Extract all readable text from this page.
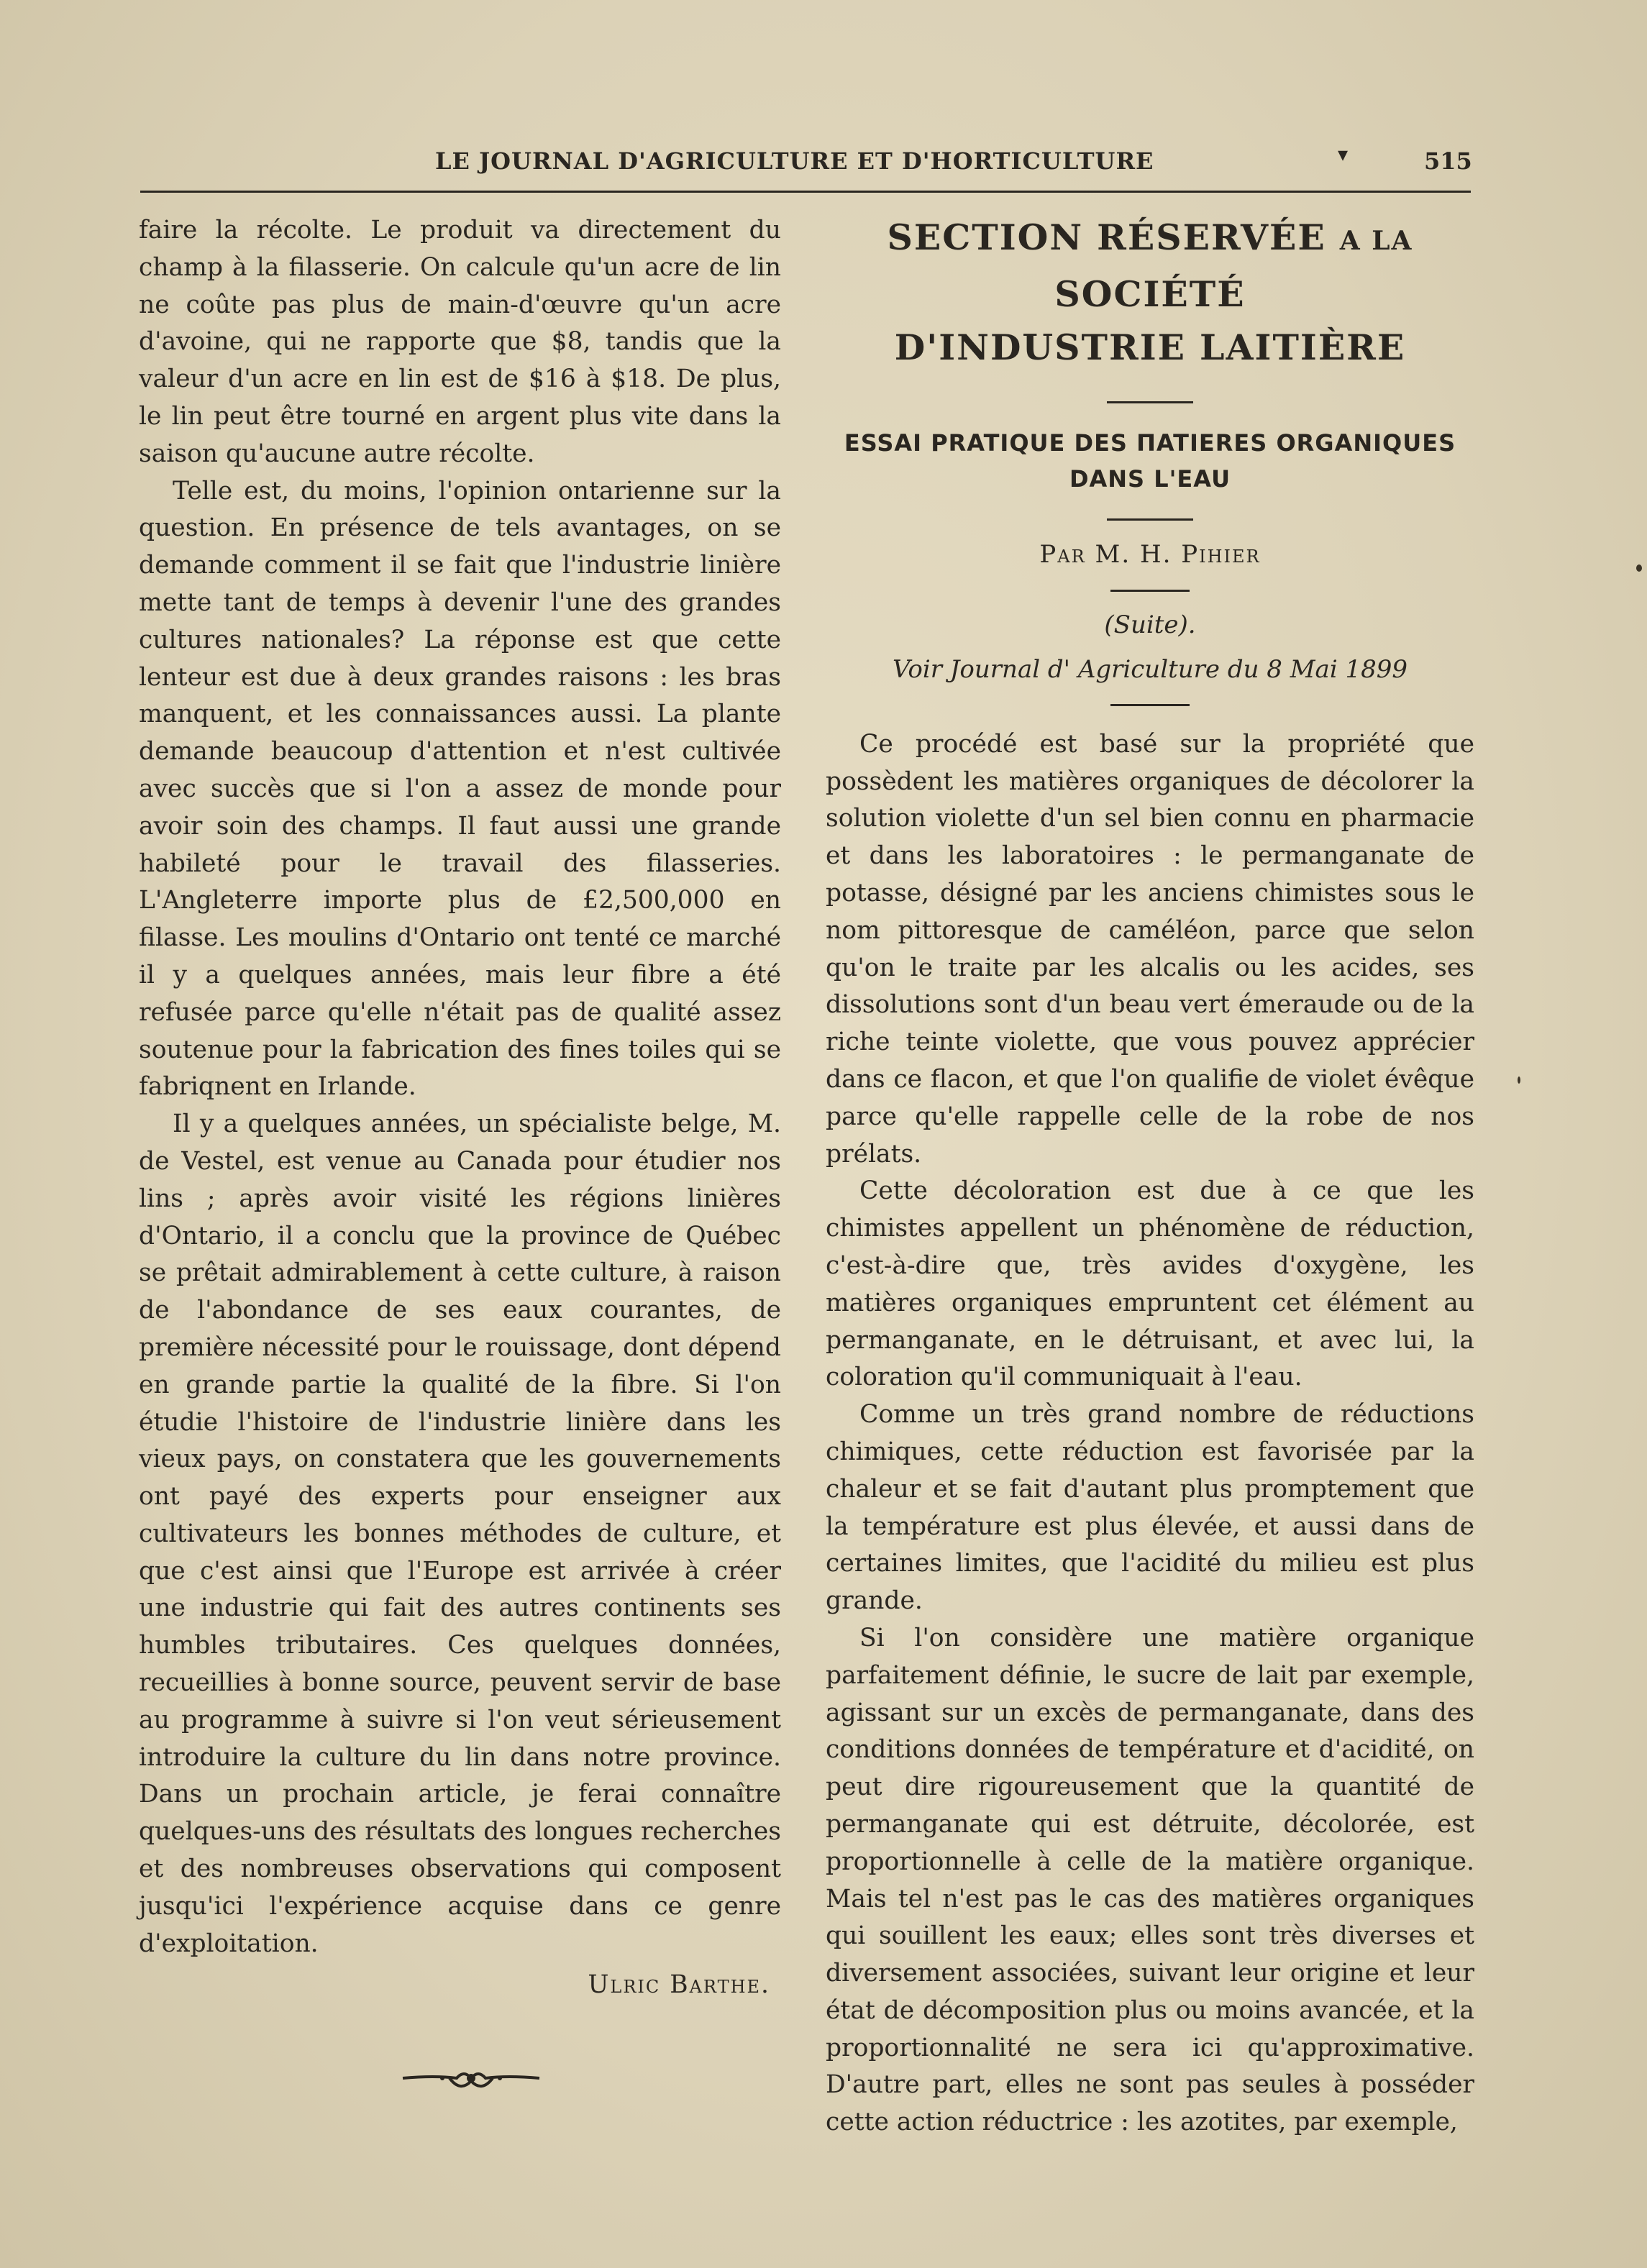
LE JOURNAL D'AGRICULTURE ET D'HORTICULTURE	▾	515

faire la récolte. Le produit va directement du champ à la filasserie. On calcule qu'un acre de lin ne coûte pas plus de main-d'œuvre qu'un acre d'avoine, qui ne rapporte que $8, tandis que la valeur d'un acre en lin est de $16 à $18. De plus, le lin peut être tourné en argent plus vite dans la saison qu'aucune autre récolte.

Telle est, du moins, l'opinion ontarienne sur la question. En présence de tels avantages, on se demande comment il se fait que l'industrie linière mette tant de temps à devenir l'une des grandes cultures nationales? La réponse est que cette lenteur est due à deux grandes raisons : les bras manquent, et les connaissances aussi. La plante demande beaucoup d'attention et n'est cultivée avec succès que si l'on a assez de monde pour avoir soin des champs. Il faut aussi une grande habileté pour le travail des filasseries. L'Angleterre importe plus de £2,500,000 en filasse. Les moulins d'Ontario ont tenté ce marché il y a quelques années, mais leur fibre a été refusée parce qu'elle n'était pas de qualité assez soutenue pour la fabrication des fines toiles qui se fabriqnent en Irlande.

Il y a quelques années, un spécialiste belge, M. de Vestel, est venue au Canada pour étudier nos lins ; après avoir visité les régions linières d'Ontario, il a conclu que la province de Québec se prêtait admirablement à cette culture, à raison de l'abondance de ses eaux courantes, de première nécessité pour le rouissage, dont dépend en grande partie la qualité de la fibre. Si l'on étudie l'histoire de l'industrie linière dans les vieux pays, on constatera que les gouvernements ont payé des experts pour enseigner aux cultivateurs les bonnes méthodes de culture, et que c'est ainsi que l'Europe est arrivée à créer une industrie qui fait des autres continents ses humbles tributaires. Ces quelques données, recueillies à bonne source, peuvent servir de base au programme à suivre si l'on veut sérieusement introduire la culture du lin dans notre province. Dans un prochain article, je ferai connaître quelques-uns des résultats des longues recherches et des nombreuses observations qui composent jusqu'ici l'expérience acquise dans ce genre d'exploitation.

Ulric Barthe.
SECTION RÉSERVÉE A LA SOCIÉTÉ
D'INDUSTRIE LAITIÈRE
ESSAI PRATIQUE DES ΠATIERES ORGANIQUES DANS L'EAU
Par M. H. Pihier
(Suite).
Voir Journal d' Agriculture du 8 Mai 1899

Ce procédé est basé sur la propriété que possèdent les matières organiques de décolorer la solution violette d'un sel bien connu en pharmacie et dans les laboratoires : le permanganate de potasse, désigné par les anciens chimistes sous le nom pittoresque de caméléon, parce que selon qu'on le traite par les alcalis ou les acides, ses dissolutions sont d'un beau vert émeraude ou de la riche teinte violette, que vous pouvez apprécier dans ce flacon, et que l'on qualifie de violet évêque parce qu'elle rappelle celle de la robe de nos prélats.

Cette décoloration est due à ce que les chimistes appellent un phénomène de réduction, c'est-à-dire que, très avides d'oxygène, les matières organiques empruntent cet élément au permanganate, en le détruisant, et avec lui, la coloration qu'il communiquait à l'eau.

Comme un très grand nombre de réductions chimiques, cette réduction est favorisée par la chaleur et se fait d'autant plus promptement que la température est plus élevée, et aussi dans de certaines limites, que l'acidité du milieu est plus grande.

Si l'on considère une matière organique parfaitement définie, le sucre de lait par exemple, agissant sur un excès de permanganate, dans des conditions données de température et d'acidité, on peut dire rigoureusement que la quantité de permanganate qui est détruite, décolorée, est proportionnelle à celle de la matière organique. Mais tel n'est pas le cas des matières organiques qui souillent les eaux; elles sont très diverses et diversement associées, suivant leur origine et leur état de décomposition plus ou moins avancée, et la proportionnalité ne sera ici qu'approximative. D'autre part, elles ne sont pas seules à posséder cette action réductrice : les azotites, par exemple,
